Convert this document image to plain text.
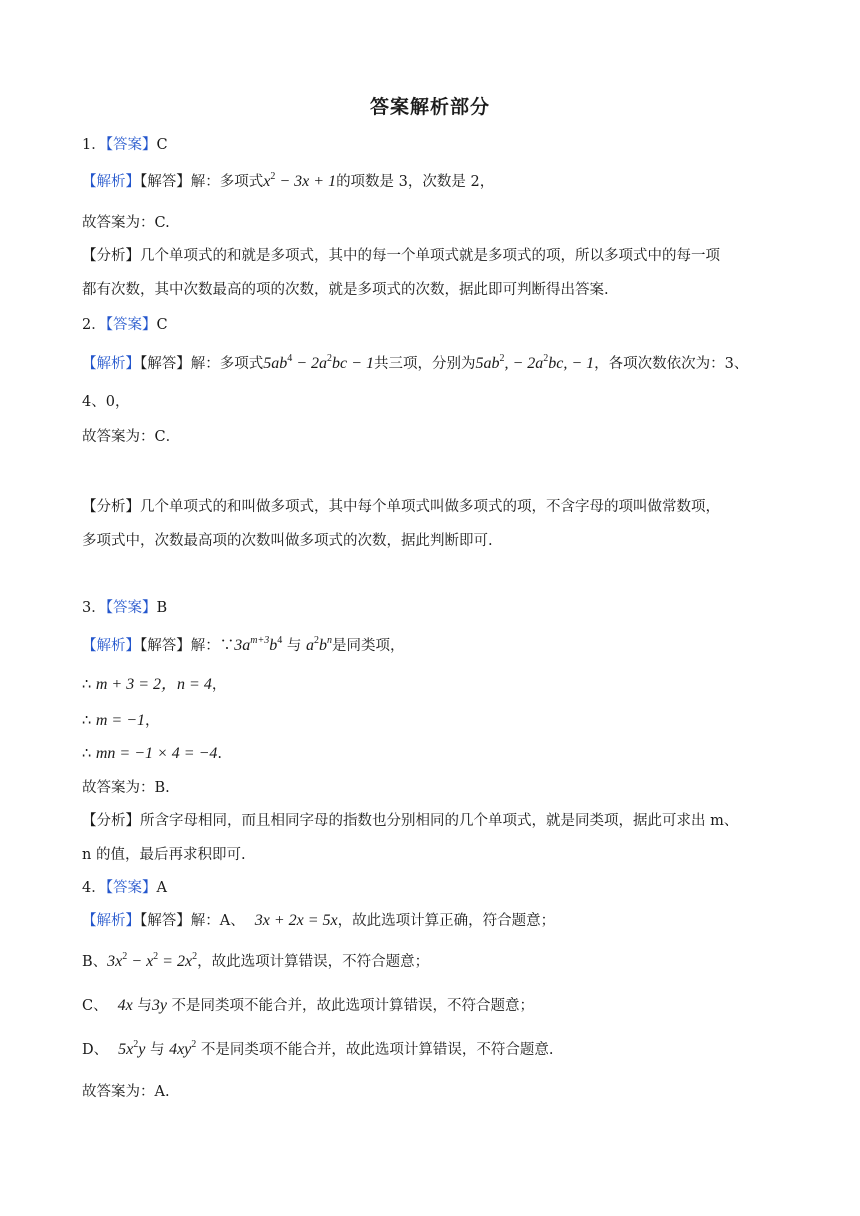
答案解析部分
1．【答案】C
【解析】【解答】解：多项式$x^2 - 3x + 1$的项数是 3，次数是 2，
故答案为：C.
【分析】几个单项式的和就是多项式，其中的每一个单项式就是多项式的项，所以多项式中的每一项
都有次数，其中次数最高的项的次数，就是多项式的次数，据此即可判断得出答案.
2．【答案】C
【解析】【解答】解：多项式$5ab^4 - 2a^2bc - 1$共三项，分别为$5ab^2$, − $2a^2bc$, − 1，各项次数依次为：3、
4、0，
故答案为：C．
【分析】几个单项式的和叫做多项式，其中每个单项式叫做多项式的项，不含字母的项叫做常数项，
多项式中，次数最高项的次数叫做多项式的次数，据此判断即可.
3．【答案】B
【解析】【解答】解：$\because 3a^{m+3}b^4$ 与 $a^2b^n$是同类项，
∴ m + 3 = 2，n = 4，
∴ m = −1，
∴ mn = −1 × 4 = −4.
故答案为：B.
【分析】所含字母相同，而且相同字母的指数也分别相同的几个单项式，就是同类项，据此可求出 m、
n 的值，最后再求积即可.
4．【答案】A
【解析】【解答】解：A、 3x + 2x = 5x，故此选项计算正确，符合题意；
B、$3x^2 - x^2 = 2x^2$，故此选项计算错误，不符合题意；
C、 4x 与3y 不是同类项不能合并，故此选项计算错误，不符合题意；
D、 $5x^2y$ 与 $4xy^2$ 不是同类项不能合并，故此选项计算错误，不符合题意.
故答案为：A.
